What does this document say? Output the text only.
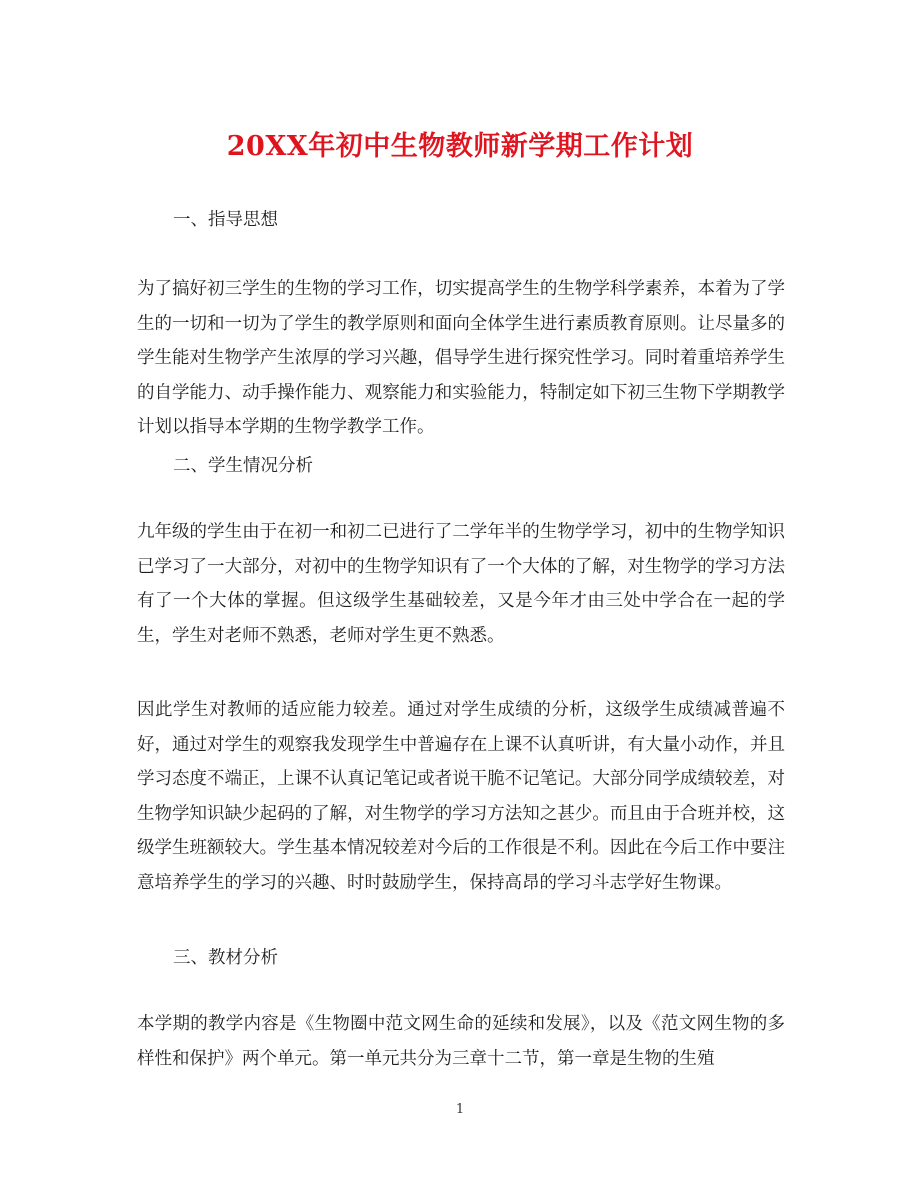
20XX年初中生物教师新学期工作计划
一、指导思想
为了搞好初三学生的生物的学习工作，切实提高学生的生物学科学素养，本着为了学生的一切和一切为了学生的教学原则和面向全体学生进行素质教育原则。让尽量多的学生能对生物学产生浓厚的学习兴趣，倡导学生进行探究性学习。同时着重培养学生的自学能力、动手操作能力、观察能力和实验能力，特制定如下初三生物下学期教学计划以指导本学期的生物学教学工作。
二、学生情况分析
九年级的学生由于在初一和初二已进行了二学年半的生物学学习，初中的生物学知识已学习了一大部分，对初中的生物学知识有了一个大体的了解，对生物学的学习方法有了一个大体的掌握。但这级学生基础较差，又是今年才由三处中学合在一起的学生，学生对老师不熟悉，老师对学生更不熟悉。
因此学生对教师的适应能力较差。通过对学生成绩的分析，这级学生成绩减普遍不好，通过对学生的观察我发现学生中普遍存在上课不认真听讲，有大量小动作，并且学习态度不端正，上课不认真记笔记或者说干脆不记笔记。大部分同学成绩较差，对生物学知识缺少起码的了解，对生物学的学习方法知之甚少。而且由于合班并校，这级学生班额较大。学生基本情况较差对今后的工作很是不利。因此在今后工作中要注意培养学生的学习的兴趣、时时鼓励学生，保持高昂的学习斗志学好生物课。
三、教材分析
本学期的教学内容是《生物圈中范文网生命的延续和发展》，以及《范文网生物的多样性和保护》两个单元。第一单元共分为三章十二节，第一章是生物的生殖
1
